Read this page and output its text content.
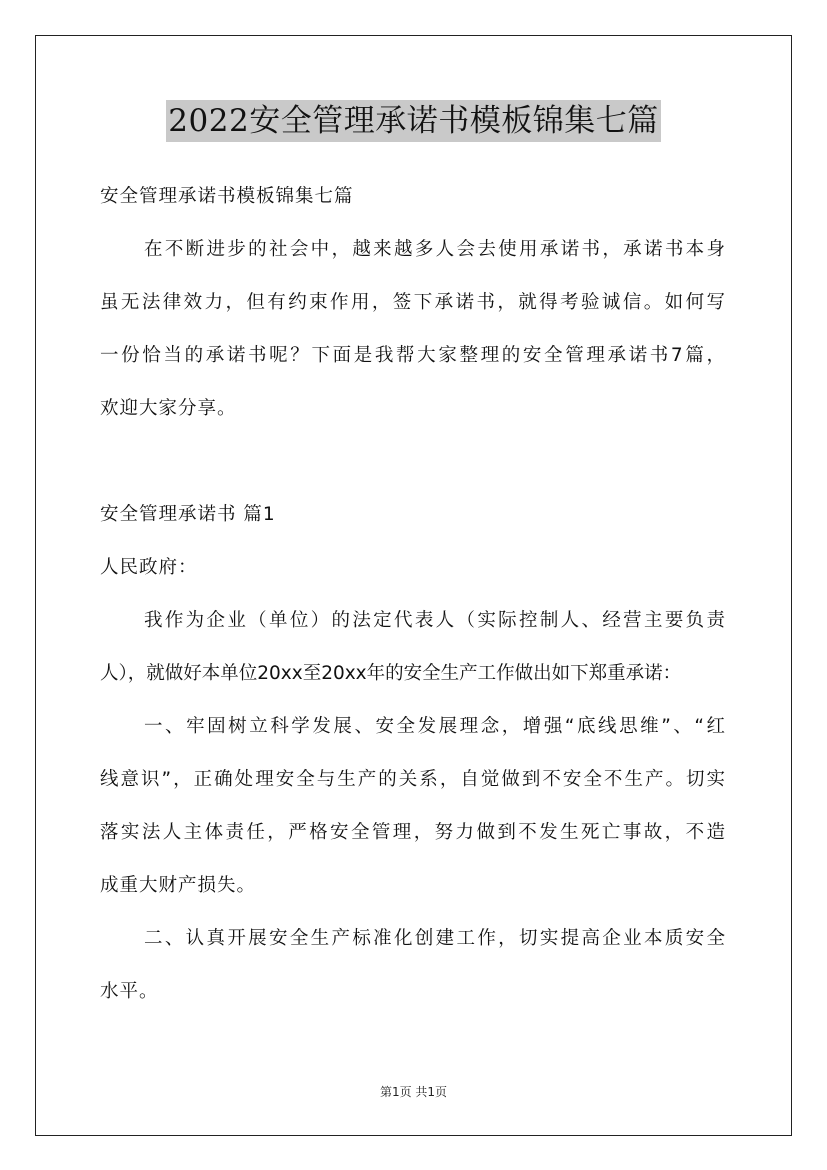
2022安全管理承诺书模板锦集七篇
安全管理承诺书模板锦集七篇
在不断进步的社会中，越来越多人会去使用承诺书，承诺书本身
虽无法律效力，但有约束作用，签下承诺书，就得考验诚信。如何写
一份恰当的承诺书呢？下面是我帮大家整理的安全管理承诺书7篇，
欢迎大家分享。
安全管理承诺书 篇1
人民政府：
我作为企业（单位）的法定代表人（实际控制人、经营主要负责
人），就做好本单位20xx至20xx年的安全生产工作做出如下郑重承诺：
一、牢固树立科学发展、安全发展理念，增强“底线思维”、“红
线意识”，正确处理安全与生产的关系，自觉做到不安全不生产。切实
落实法人主体责任，严格安全管理，努力做到不发生死亡事故，不造
成重大财产损失。
二、认真开展安全生产标准化创建工作，切实提高企业本质安全
水平。
第1页 共1页
